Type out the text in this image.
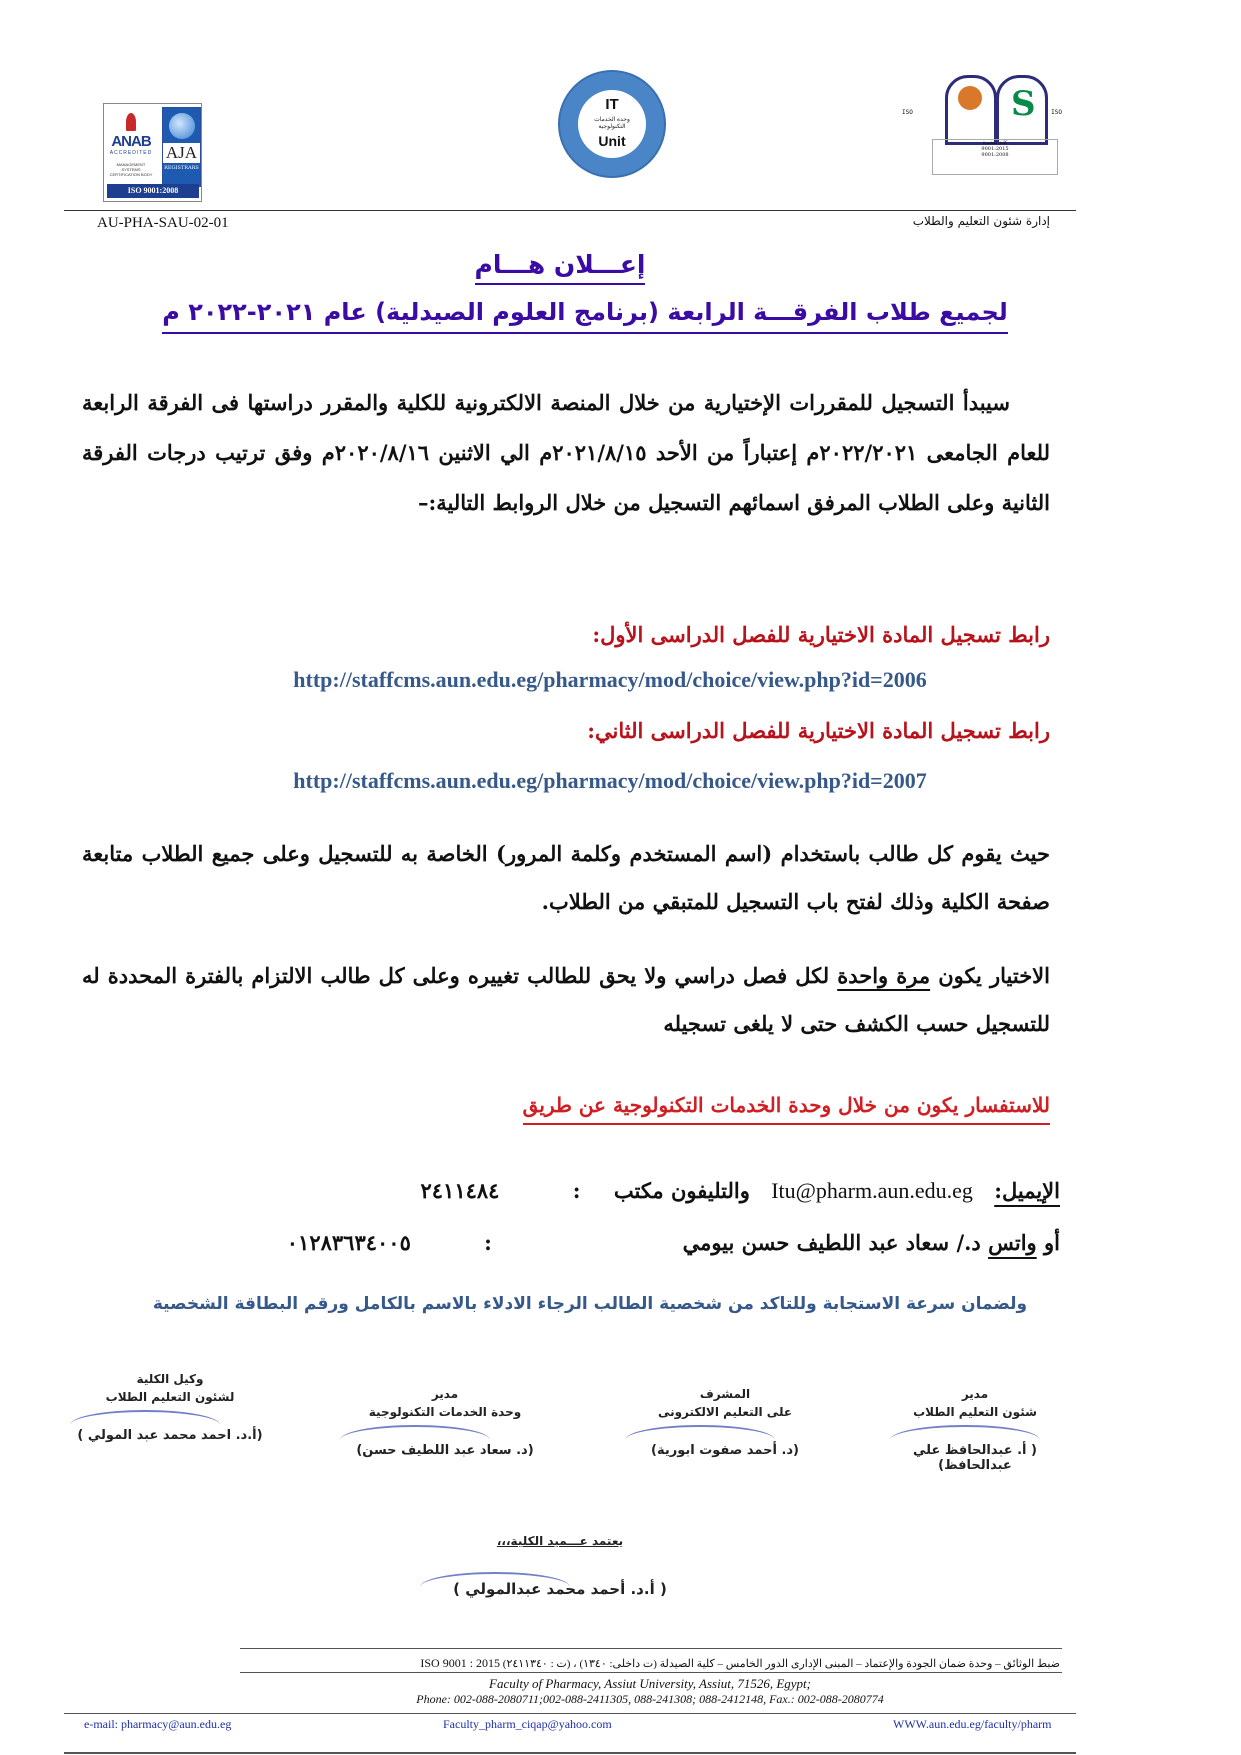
ANAB
ACCREDITED
MANAGEMENT SYSTEMS CERTIFICATION BODY
AJA
REGISTRARS
ISO 9001:2008
IT
وحدة الخدمات التكنولوجية
Unit
ISO	S	ISO
كلية معتمدة
9001:2015
9001:2008
AU-PHA-SAU-02-01	إدارة شئون التعليم والطلاب
إعـــلان هـــام
لجميع طلاب الفرقـــة الرابعة (برنامج العلوم الصيدلية) عام ٢٠٢١-٢٠٢٢ م
سيبدأ التسجيل للمقررات الإختيارية من خلال المنصة الالكترونية للكلية والمقرر دراستها فى الفرقة الرابعة للعام الجامعى ٢٠٢٢/٢٠٢١م إعتباراً من الأحد ٢٠٢١/٨/١٥م الي الاثنين ٢٠٢٠/٨/١٦م وفق ترتيب درجات الفرقة الثانية وعلى الطلاب المرفق اسمائهم التسجيل من خلال الروابط التالية:–
رابط تسجيل المادة الاختيارية للفصل الدراسى الأول:
http://staffcms.aun.edu.eg/pharmacy/mod/choice/view.php?id=2006
رابط تسجيل المادة الاختيارية للفصل الدراسى الثاني:
http://staffcms.aun.edu.eg/pharmacy/mod/choice/view.php?id=2007
حيث يقوم كل طالب باستخدام (اسم المستخدم وكلمة المرور) الخاصة به للتسجيل وعلى جميع الطلاب متابعة صفحة الكلية وذلك لفتح باب التسجيل للمتبقي من الطلاب.
الاختيار يكون مرة واحدة لكل فصل دراسي ولا يحق للطالب تغييره وعلى كل طالب الالتزام بالفترة المحددة له للتسجيل حسب الكشف حتى لا يلغى تسجيله
للاستفسار يكون من خلال وحدة الخدمات التكنولوجية عن طريق
الإيميل: Itu@pharm.aun.edu.eg والتليفون مكتب : ٢٤١١٤٨٤
أو واتس د./ سعاد عبد اللطيف حسن بيومي  : ٠١٢٨٣٦٣٤٠٠٥
ولضمان سرعة الاستجابة وللتاكد من شخصية الطالب الرجاء الادلاء بالاسم بالكامل ورقم البطاقة الشخصية
مدير
شئون التعليم الطلاب
( أ. عبدالحافظ علي عبدالحافظ)
المشرف
على التعليم الالكترونى
(د. أحمد صفوت ابورية)
مدير
وحدة الخدمات التكنولوجية
(د. سعاد عبد اللطيف حسن)
وكيل الكلية
لشئون التعليم الطلاب
(أ.د. احمد محمد عبد المولي )
يعتمد عـــميد الكلية،،،
( أ.د. أحمد محمد عبدالمولي )
ضبط الوثائق – وحدة ضمان الجودة والإعتماد – المبنى الإدارى الدور الخامس – كلية الصيدلة (ت داخلى: ١٣٤٠) ، (ت : ٢٤١١٣٤٠) ISO 9001 : 2015
Faculty of Pharmacy, Assiut University, Assiut, 71526, Egypt;
Phone: 002-088-2080711;002-088-2411305, 088-241308; 088-2412148, Fax.: 002-088-2080774
e-mail: pharmacy@aun.edu.eg	Faculty_pharm_ciqap@yahoo.com	WWW.aun.edu.eg/faculty/pharm
